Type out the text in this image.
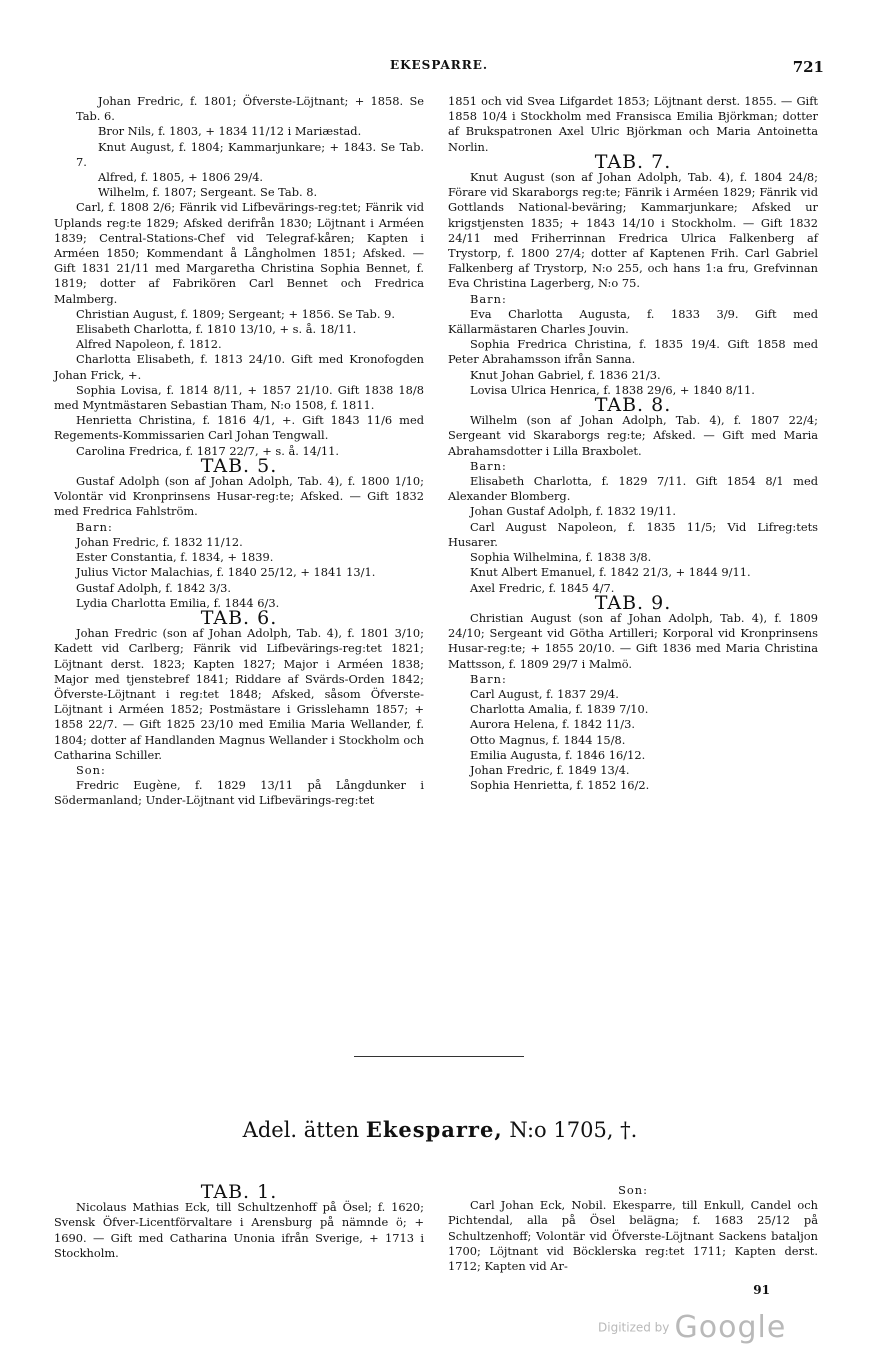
EKESPARRE.	721

Johan Fredric, f. 1801; Öfverste-Löjtnant; + 1858. Se Tab. 6.

Bror Nils, f. 1803, + 1834 11/12 i Mariæstad.

Knut August, f. 1804; Kammarjunkare; + 1843. Se Tab. 7.

Alfred, f. 1805, + 1806 29/4.

Wilhelm, f. 1807; Sergeant. Se Tab. 8.

Carl, f. 1808 2/6; Fänrik vid Lifbevärings-reg:tet; Fänrik vid Uplands reg:te 1829; Afsked derifrån 1830; Löjtnant i Arméen 1839; Central-Stations-Chef vid Telegraf-kåren; Kapten i Arméen 1850; Kommendant å Långholmen 1851; Afsked. — Gift 1831 21/11 med Margaretha Christina Sophia Bennet, f. 1819; dotter af Fabrikören Carl Bennet och Fredrica Malmberg.

Christian August, f. 1809; Sergeant; + 1856. Se Tab. 9.

Elisabeth Charlotta, f. 1810 13/10, + s. å. 18/11.

Alfred Napoleon, f. 1812.

Charlotta Elisabeth, f. 1813 24/10. Gift med Kronofogden Johan Frick, +.

Sophia Lovisa, f. 1814 8/11, + 1857 21/10. Gift 1838 18/8 med Myntmästaren Sebastian Tham, N:o 1508, f. 1811.

Henrietta Christina, f. 1816 4/1, +. Gift 1843 11/6 med Regements-Kommissarien Carl Johan Tengwall.

Carolina Fredrica, f. 1817 22/7, + s. å. 14/11.

TAB. 5.

Gustaf Adolph (son af Johan Adolph, Tab. 4), f. 1800 1/10; Volontär vid Kronprinsens Husar-reg:te; Afsked. — Gift 1832 med Fredrica Fahlström.

Barn:

Johan Fredric, f. 1832 11/12.

Ester Constantia, f. 1834, + 1839.

Julius Victor Malachias, f. 1840 25/12, + 1841 13/1.

Gustaf Adolph, f. 1842 3/3.

Lydia Charlotta Emilia, f. 1844 6/3.

TAB. 6.

Johan Fredric (son af Johan Adolph, Tab. 4), f. 1801 3/10; Kadett vid Carlberg; Fänrik vid Lifbevärings-reg:tet 1821; Löjtnant derst. 1823; Kapten 1827; Major i Arméen 1838; Major med tjenstebref 1841; Riddare af Svärds-Orden 1842; Öfverste-Löjtnant i reg:tet 1848; Afsked, såsom Öfverste-Löjtnant i Arméen 1852; Postmästare i Grisslehamn 1857; + 1858 22/7. — Gift 1825 23/10 med Emilia Maria Wellander, f. 1804; dotter af Handlanden Magnus Wellander i Stockholm och Catharina Schiller.

Son:

Fredric Eugène, f. 1829 13/11 på Långdunker i Södermanland; Under-Löjtnant vid Lifbevärings-reg:tet

1851 och vid Svea Lifgardet 1853; Löjtnant derst. 1855. — Gift 1858 10/4 i Stockholm med Fransisca Emilia Björkman; dotter af Brukspatronen Axel Ulric Björkman och Maria Antoinetta Norlin.

TAB. 7.

Knut August (son af Johan Adolph, Tab. 4), f. 1804 24/8; Förare vid Skaraborgs reg:te; Fänrik i Arméen 1829; Fänrik vid Gottlands National-beväring; Kammarjunkare; Afsked ur krigstjensten 1835; + 1843 14/10 i Stockholm. — Gift 1832 24/11 med Friherrinnan Fredrica Ulrica Falkenberg af Trystorp, f. 1800 27/4; dotter af Kaptenen Frih. Carl Gabriel Falkenberg af Trystorp, N:o 255, och hans 1:a fru, Grefvinnan Eva Christina Lagerberg, N:o 75.

Barn:

Eva Charlotta Augusta, f. 1833 3/9. Gift med Källarmästaren Charles Jouvin.

Sophia Fredrica Christina, f. 1835 19/4. Gift 1858 med Peter Abrahamsson ifrån Sanna.

Knut Johan Gabriel, f. 1836 21/3.

Lovisa Ulrica Henrica, f. 1838 29/6, + 1840 8/11.

TAB. 8.

Wilhelm (son af Johan Adolph, Tab. 4), f. 1807 22/4; Sergeant vid Skaraborgs reg:te; Afsked. — Gift med Maria Abrahamsdotter i Lilla Braxbolet.

Barn:

Elisabeth Charlotta, f. 1829 7/11. Gift 1854 8/1 med Alexander Blomberg.

Johan Gustaf Adolph, f. 1832 19/11.

Carl August Napoleon, f. 1835 11/5; Vid Lifreg:tets Husarer.

Sophia Wilhelmina, f. 1838 3/8.

Knut Albert Emanuel, f. 1842 21/3, + 1844 9/11.

Axel Fredric, f. 1845 4/7.

TAB. 9.

Christian August (son af Johan Adolph, Tab. 4), f. 1809 24/10; Sergeant vid Götha Artilleri; Korporal vid Kronprinsens Husar-reg:te; + 1855 20/10. — Gift 1836 med Maria Christina Mattsson, f. 1809 29/7 i Malmö.

Barn:

Carl August, f. 1837 29/4.

Charlotta Amalia, f. 1839 7/10.

Aurora Helena, f. 1842 11/3.

Otto Magnus, f. 1844 15/8.

Emilia Augusta, f. 1846 16/12.

Johan Fredric, f. 1849 13/4.

Sophia Henrietta, f. 1852 16/2.

Adel. ätten Ekesparre, N:o 1705, †.

TAB. 1.

Nicolaus Mathias Eck, till Schultzenhoff på Ösel; f. 1620; Svensk Öfver-Licentförvaltare i Arensburg på nämnde ö; + 1690. — Gift med Catharina Unonia ifrån Sverige, + 1713 i Stockholm.

Son:

Carl Johan Eck, Nobil. Ekesparre, till Enkull, Candel och Pichtendal, alla på Ösel belägna; f. 1683 25/12 på Schultzenhoff; Volontär vid Öfverste-Löjtnant Sackens bataljon 1700; Löjtnant vid Böcklerska reg:tet 1711; Kapten derst. 1712; Kapten vid Ar-

91
Digitized by Google
